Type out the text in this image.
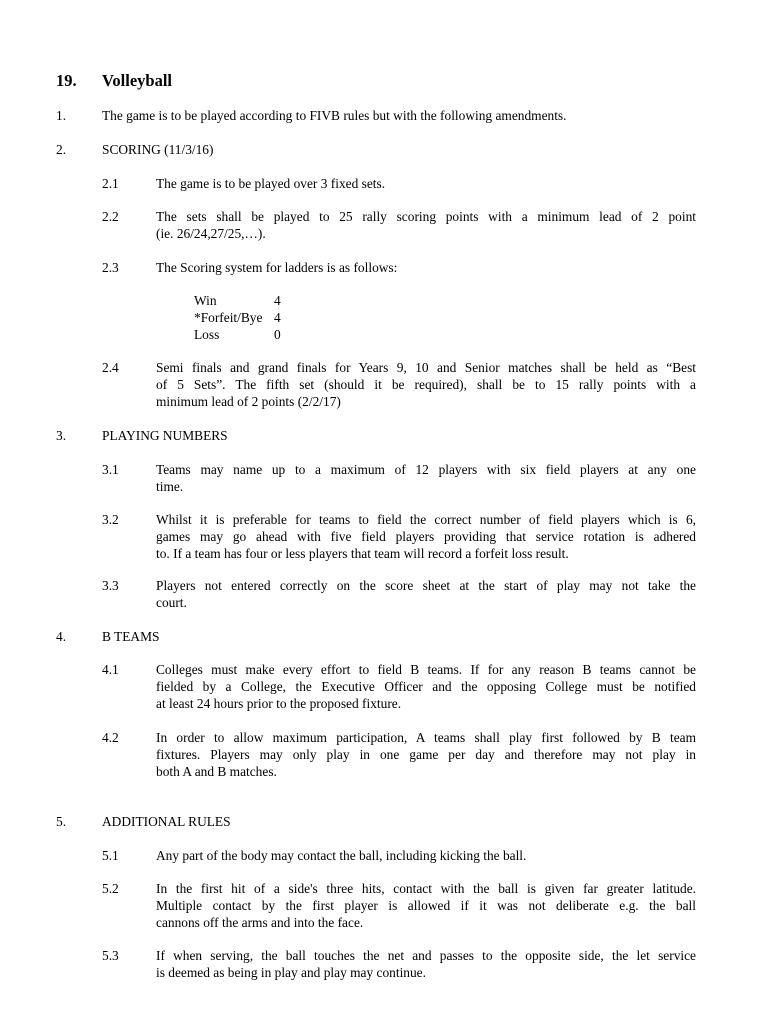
19. Volleyball
1.	The game is to be played according to FIVB rules but with the following amendments.
2.	SCORING (11/3/16)
2.1	The game is to be played over 3 fixed sets.
2.2	The sets shall be played to 25 rally scoring points with a minimum lead of 2 point
(ie. 26/24,27/25,…).
2.3	The Scoring system for ladders is as follows:
Win	4
*Forfeit/Bye 4
Loss	0
2.4	Semi finals and grand finals for Years 9, 10 and Senior matches shall be held as “Best
of 5 Sets”. The fifth set (should it be required), shall be to 15 rally points with a
minimum lead of 2 points (2/2/17)
3.	PLAYING NUMBERS
3.1	Teams may name up to a maximum of 12 players with six field players at any one
time.
3.2	Whilst it is preferable for teams to field the correct number of field players which is 6,
games may go ahead with five field players providing that service rotation is adhered
to. If a team has four or less players that team will record a forfeit loss result.
3.3	Players not entered correctly on the score sheet at the start of play may not take the
court.
4.	B TEAMS
4.1	Colleges must make every effort to field B teams. If for any reason B teams cannot be
fielded by a College, the Executive Officer and the opposing College must be notified
at least 24 hours prior to the proposed fixture.
4.2	In order to allow maximum participation, A teams shall play first followed by B team
fixtures. Players may only play in one game per day and therefore may not play in
both A and B matches.
5.	ADDITIONAL RULES
5.1	Any part of the body may contact the ball, including kicking the ball.
5.2	In the first hit of a side's three hits, contact with the ball is given far greater latitude.
Multiple contact by the first player is allowed if it was not deliberate e.g. the ball
cannons off the arms and into the face.
5.3	If when serving, the ball touches the net and passes to the opposite side, the let service
is deemed as being in play and play may continue.
